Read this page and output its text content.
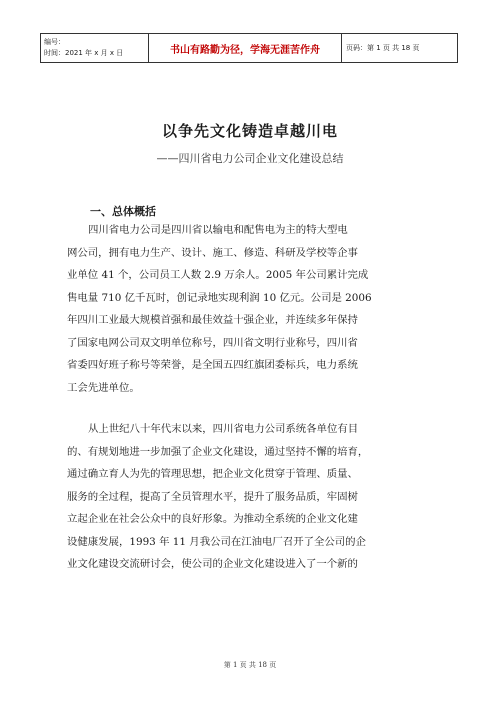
编号：
时间：2021 年 x 月 x 日	书山有路勤为径，学海无涯苦作舟	页码：第 1 页 共 18 页
以争先文化铸造卓越川电
——四川省电力公司企业文化建设总结
一、总体概括
四川省电力公司是四川省以输电和配售电为主的特大型电
网公司，拥有电力生产、设计、施工、修造、科研及学校等企事
业单位 41 个，公司员工人数 2.9 万余人。2005 年公司累计完成
售电量 710 亿千瓦时，创记录地实现利润 10 亿元。公司是 2006
年四川工业最大规模首强和最佳效益十强企业，并连续多年保持
了国家电网公司双文明单位称号，四川省文明行业称号，四川省
省委四好班子称号等荣誉，是全国五四红旗团委标兵，电力系统
工会先进单位。
从上世纪八十年代末以来，四川省电力公司系统各单位有目
的、有规划地进一步加强了企业文化建设，通过坚持不懈的培育，
通过确立育人为先的管理思想，把企业文化贯穿于管理、质量、
服务的全过程，提高了全员管理水平，提升了服务品质，牢固树
立起企业在社会公众中的良好形象。为推动全系统的企业文化建
设健康发展，1993 年 11 月我公司在江油电厂召开了全公司的企
业文化建设交流研讨会，使公司的企业文化建设进入了一个新的
第 1 页 共 18 页
